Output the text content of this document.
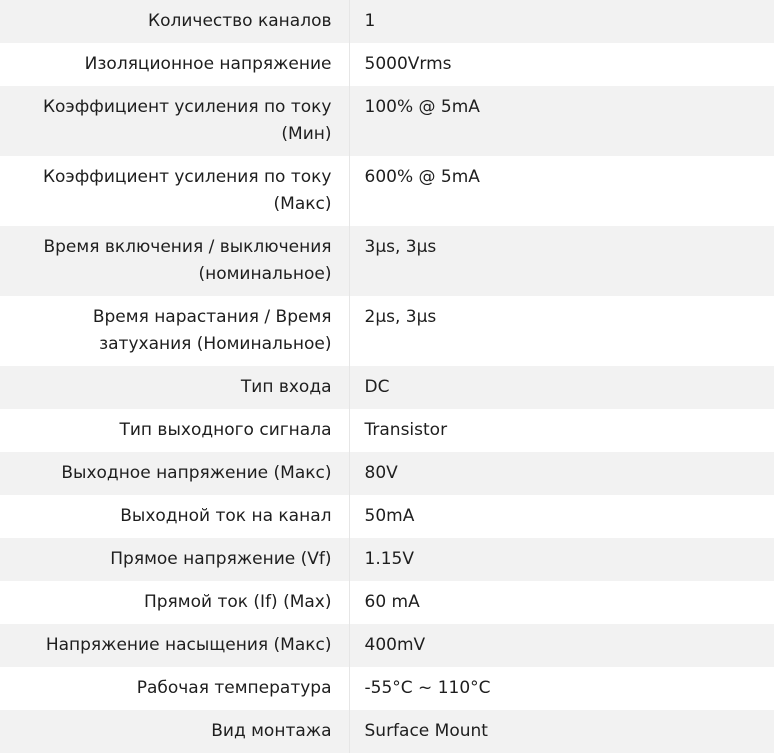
Количество каналов	1
Изоляционное напряжение	5000Vrms
Коэффициент усиления по току (Мин)	100% @ 5mA
Коэффициент усиления по току (Макс)	600% @ 5mA
Время включения / выключения (номинальное)	3µs, 3µs
Время нарастания / Время затухания (Номинальное)	2µs, 3µs
Тип входа	DC
Тип выходного сигнала	Transistor
Выходное напряжение (Макс)	80V
Выходной ток на канал	50mA
Прямое напряжение (Vf)	1.15V
Прямой ток (If) (Max)	60 mA
Напряжение насыщения (Макс)	400mV
Рабочая температура	-55°C ~ 110°C
Вид монтажа	Surface Mount
